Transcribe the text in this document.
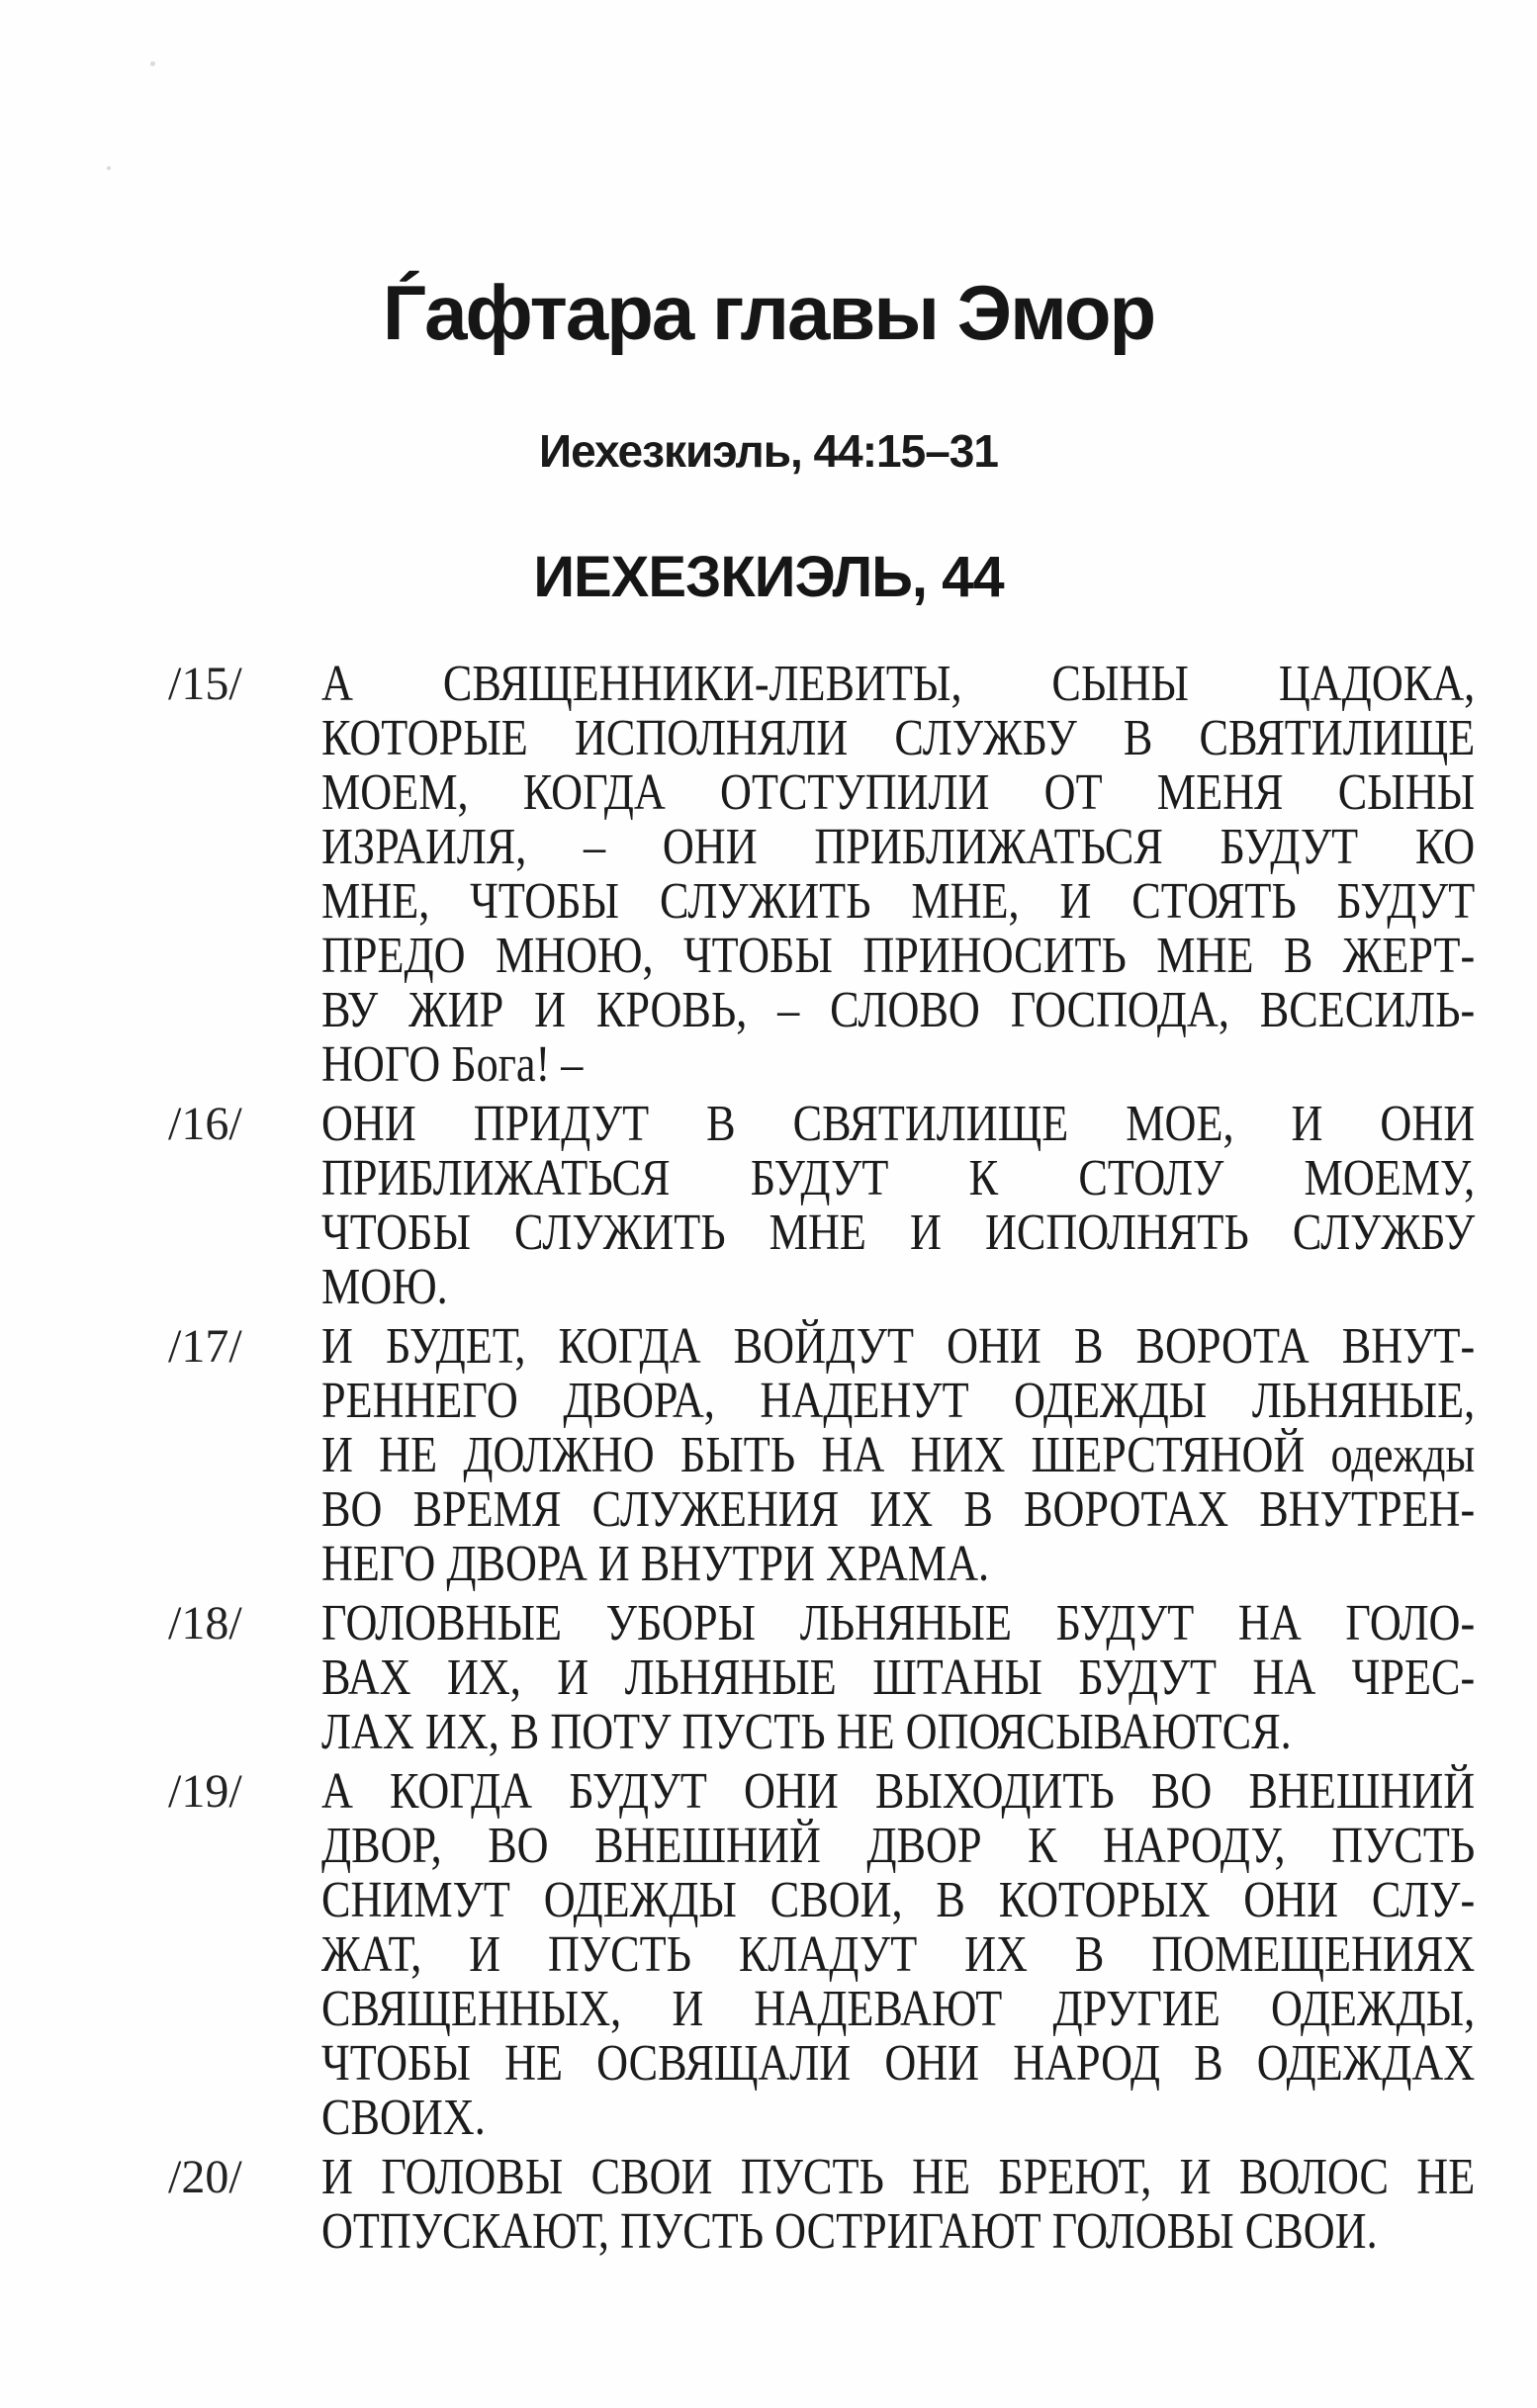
Ѓафтара главы Эмор
Иехезкиэль, 44:15–31
ИЕХЕЗКИЭЛЬ, 44
/15/	А СВЯЩЕННИКИ-ЛЕВИТЫ, СЫНЫ ЦАДОКА,
КОТОРЫЕ ИСПОЛНЯЛИ СЛУЖБУ В СВЯТИЛИЩЕ
МОЕМ, КОГДА ОТСТУПИЛИ ОТ МЕНЯ СЫНЫ
ИЗРАИЛЯ, – ОНИ ПРИБЛИЖАТЬСЯ БУДУТ КО
МНЕ, ЧТОБЫ СЛУЖИТЬ МНЕ, И СТОЯТЬ БУДУТ
ПРЕДО МНОЮ, ЧТОБЫ ПРИНОСИТЬ МНЕ В ЖЕРТ-
ВУ ЖИР И КРОВЬ, – СЛОВО ГОСПОДА, ВСЕСИЛЬ-
НОГО Бога! –
/16/	ОНИ ПРИДУТ В СВЯТИЛИЩЕ МОЕ, И ОНИ
ПРИБЛИЖАТЬСЯ БУДУТ К СТОЛУ МОЕМУ,
ЧТОБЫ СЛУЖИТЬ МНЕ И ИСПОЛНЯТЬ СЛУЖБУ
МОЮ.
/17/	И БУДЕТ, КОГДА ВОЙДУТ ОНИ В ВОРОТА ВНУТ-
РЕННЕГО ДВОРА, НАДЕНУТ ОДЕЖДЫ ЛЬНЯНЫЕ,
И НЕ ДОЛЖНО БЫТЬ НА НИХ ШЕРСТЯНОЙ одежды
ВО ВРЕМЯ СЛУЖЕНИЯ ИХ В ВОРОТАХ ВНУТРЕН-
НЕГО ДВОРА И ВНУТРИ ХРАМА.
/18/	ГОЛОВНЫЕ УБОРЫ ЛЬНЯНЫЕ БУДУТ НА ГОЛО-
ВАХ ИХ, И ЛЬНЯНЫЕ ШТАНЫ БУДУТ НА ЧРЕС-
ЛАХ ИХ, В ПОТУ ПУСТЬ НЕ ОПОЯСЫВАЮТСЯ.
/19/	А КОГДА БУДУТ ОНИ ВЫХОДИТЬ ВО ВНЕШНИЙ
ДВОР, ВО ВНЕШНИЙ ДВОР К НАРОДУ, ПУСТЬ
СНИМУТ ОДЕЖДЫ СВОИ, В КОТОРЫХ ОНИ СЛУ-
ЖАТ, И ПУСТЬ КЛАДУТ ИХ В ПОМЕЩЕНИЯХ
СВЯЩЕННЫХ, И НАДЕВАЮТ ДРУГИЕ ОДЕЖДЫ,
ЧТОБЫ НЕ ОСВЯЩАЛИ ОНИ НАРОД В ОДЕЖДАХ
СВОИХ.
/20/	И ГОЛОВЫ СВОИ ПУСТЬ НЕ БРЕЮТ, И ВОЛОС НЕ
ОТПУСКАЮТ, ПУСТЬ ОСТРИГАЮТ ГОЛОВЫ СВОИ.
